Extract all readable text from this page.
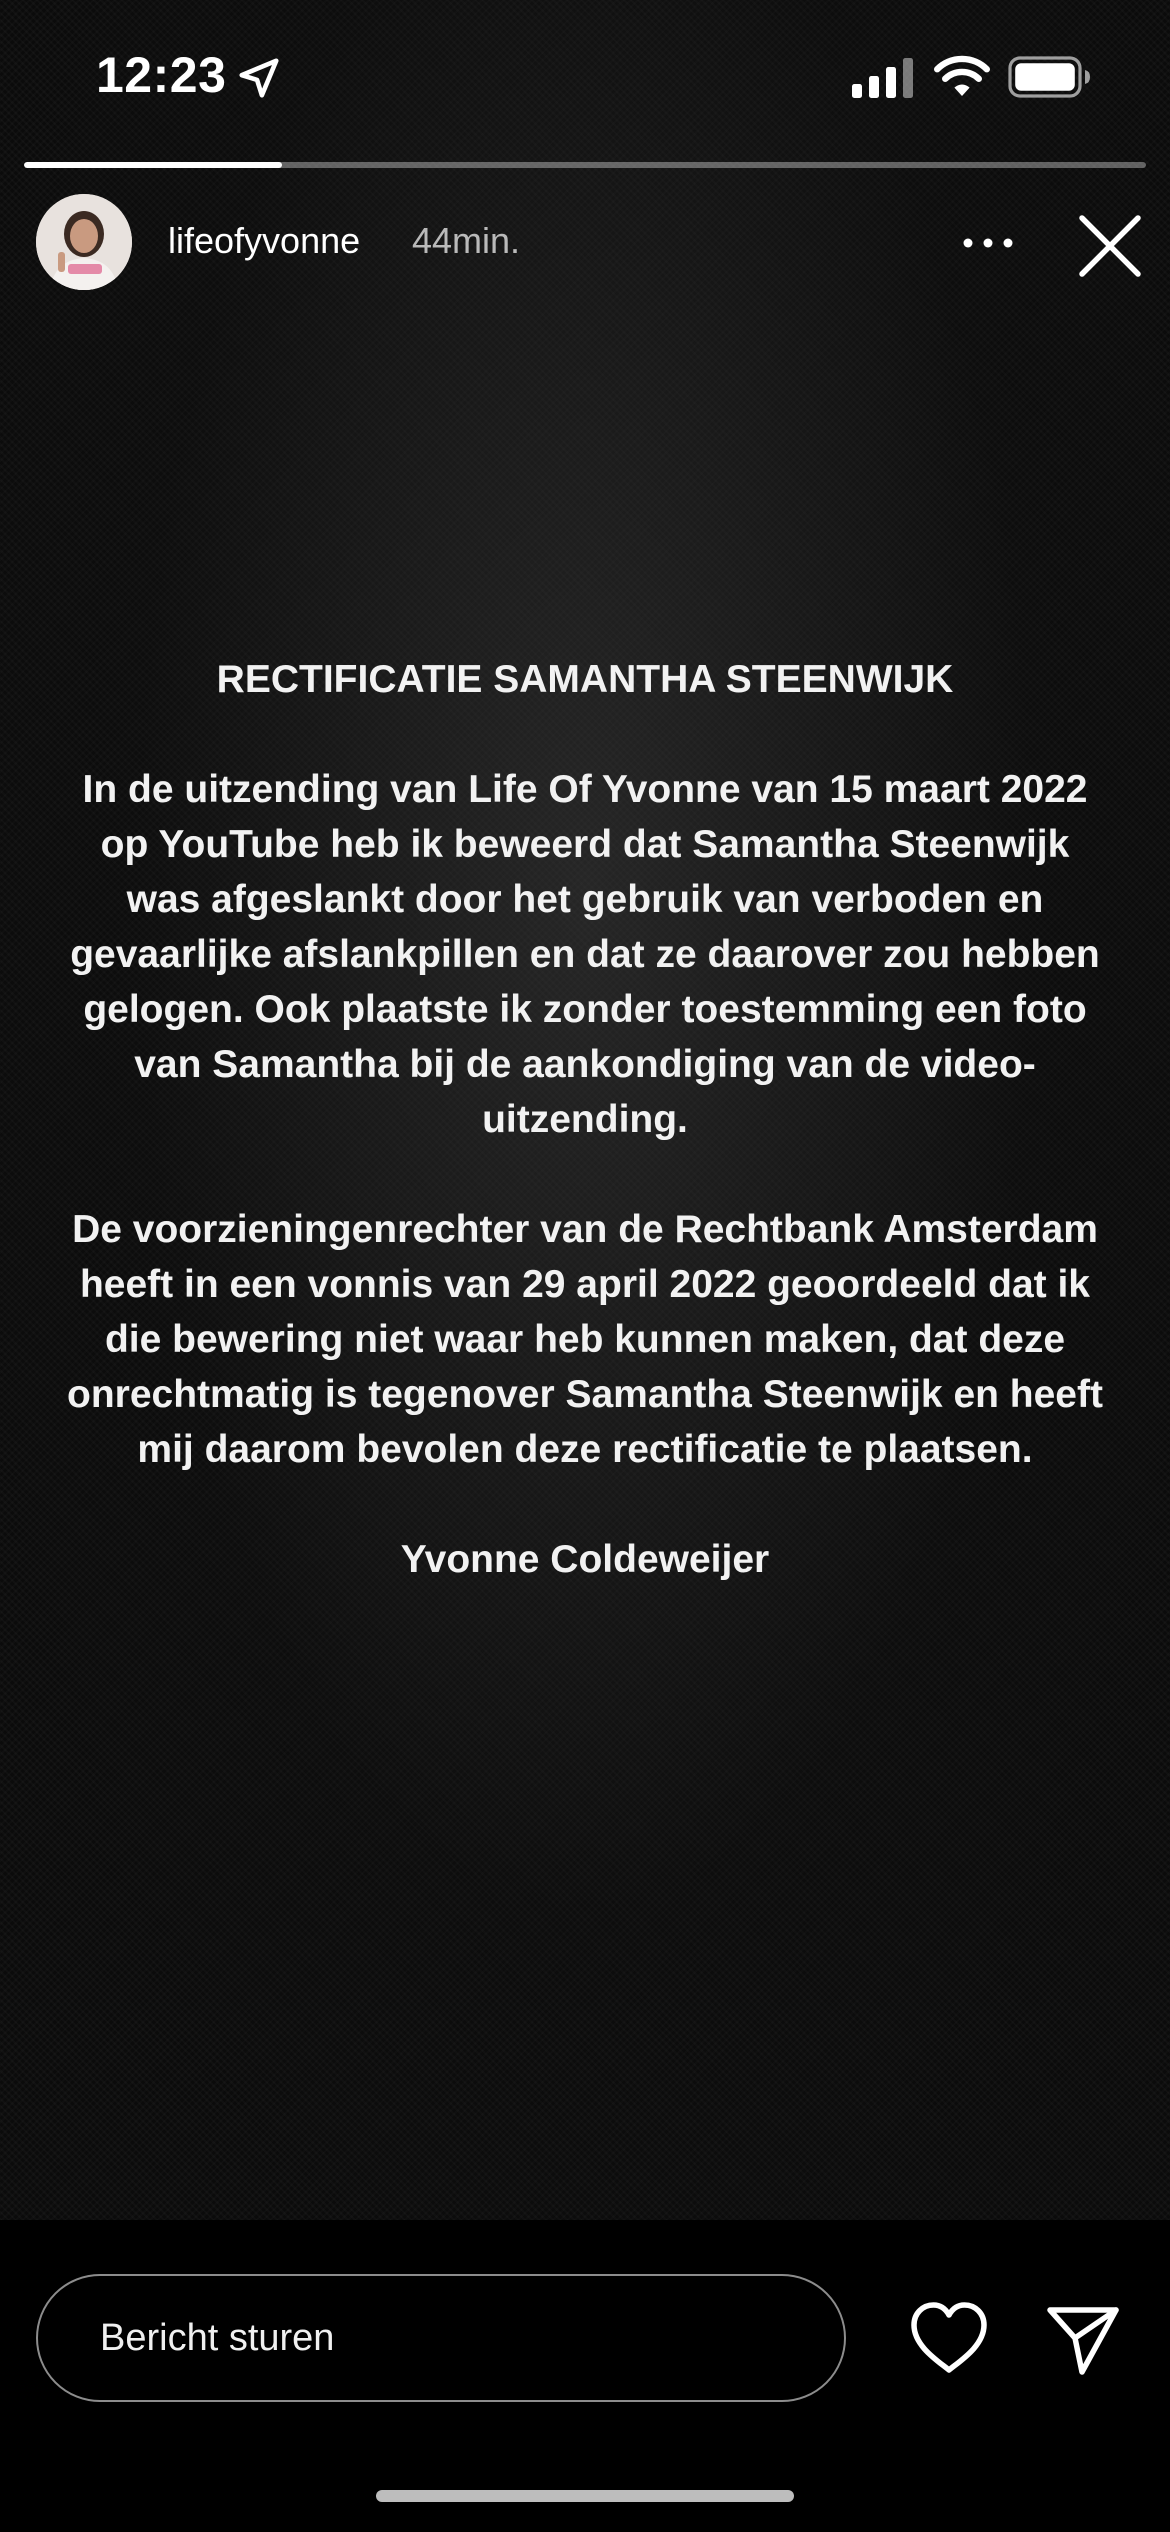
12:23
lifeofyvonne 44min.

RECTIFICATIE SAMANTHA STEENWIJK

In de uitzending van Life Of Yvonne van 15 maart 2022 op YouTube heb ik beweerd dat Samantha Steenwijk was afgeslankt door het gebruik van verboden en gevaarlijke afslankpillen en dat ze daarover zou hebben gelogen. Ook plaatste ik zonder toestemming een foto van Samantha bij de aankondiging van de video-uitzending.

De voorzieningenrechter van de Rechtbank Amsterdam heeft in een vonnis van 29 april 2022 geoordeeld dat ik die bewering niet waar heb kunnen maken, dat deze onrechtmatig is tegenover Samantha Steenwijk en heeft mij daarom bevolen deze rectificatie te plaatsen.

Yvonne Coldeweijer

Bericht sturen
